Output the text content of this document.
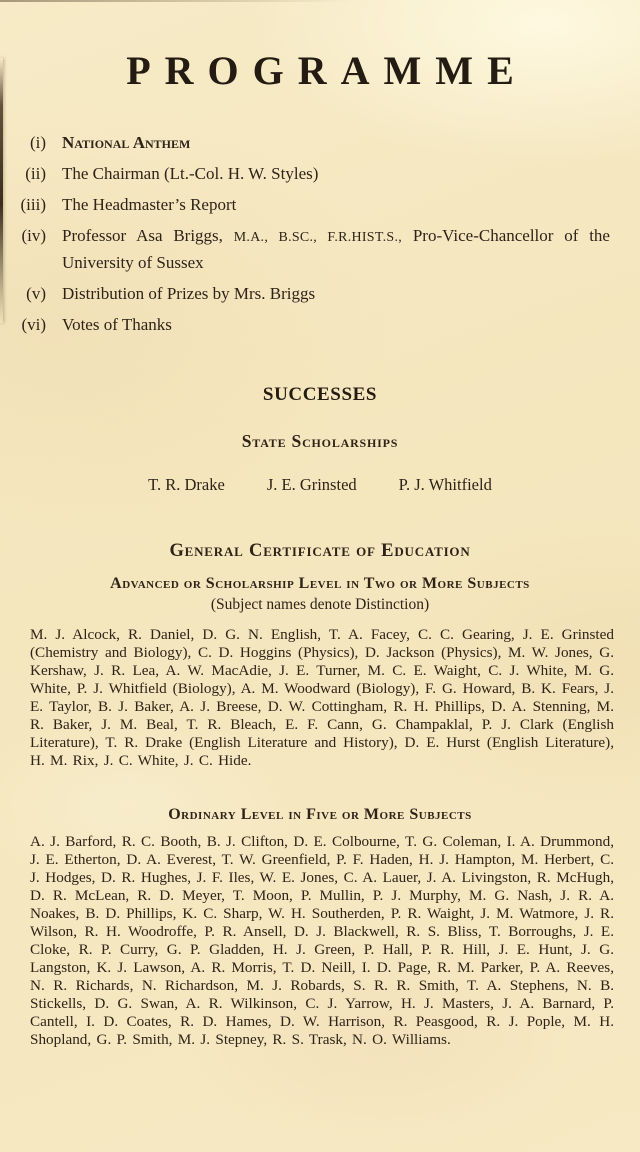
PROGRAMME
(i) National Anthem
(ii) The Chairman (Lt.-Col. H. W. Styles)
(iii) The Headmaster’s Report
(iv) Professor Asa Briggs, M.A., B.SC., F.R.HIST.S., Pro-Vice-Chancellor of the University of Sussex
(v) Distribution of Prizes by Mrs. Briggs
(vi) Votes of Thanks
SUCCESSES
State Scholarships
T. R. Drake	J. E. Grinsted	P. J. Whitfield
General Certificate of Education
Advanced or Scholarship Level in Two or More Subjects
(Subject names denote Distinction)
M. J. Alcock, R. Daniel, D. G. N. English, T. A. Facey, C. C. Gearing, J. E. Grinsted (Chemistry and Biology), C. D. Hoggins (Physics), D. Jackson (Physics), M. W. Jones, G. Kershaw, J. R. Lea, A. W. MacAdie, J. E. Turner, M. C. E. Waight, C. J. White, M. G. White, P. J. Whitfield (Biology), A. M. Woodward (Biology), F. G. Howard, B. K. Fears, J. E. Taylor, B. J. Baker, A. J. Breese, D. W. Cottingham, R. H. Phillips, D. A. Stenning, M. R. Baker, J. M. Beal, T. R. Bleach, E. F. Cann, G. Champaklal, P. J. Clark (English Literature), T. R. Drake (English Literature and History), D. E. Hurst (English Literature), H. M. Rix, J. C. White, J. C. Hide.
Ordinary Level in Five or More Subjects
A. J. Barford, R. C. Booth, B. J. Clifton, D. E. Colbourne, T. G. Coleman, I. A. Drummond, J. E. Etherton, D. A. Everest, T. W. Greenfield, P. F. Haden, H. J. Hampton, M. Herbert, C. J. Hodges, D. R. Hughes, J. F. Iles, W. E. Jones, C. A. Lauer, J. A. Livingston, R. McHugh, D. R. McLean, R. D. Meyer, T. Moon, P. Mullin, P. J. Murphy, M. G. Nash, J. R. A. Noakes, B. D. Phillips, K. C. Sharp, W. H. Southerden, P. R. Waight, J. M. Watmore, J. R. Wilson, R. H. Woodroffe, P. R. Ansell, D. J. Blackwell, R. S. Bliss, T. Borroughs, J. E. Cloke, R. P. Curry, G. P. Gladden, H. J. Green, P. Hall, P. R. Hill, J. E. Hunt, J. G. Langston, K. J. Lawson, A. R. Morris, T. D. Neill, I. D. Page, R. M. Parker, P. A. Reeves, N. R. Richards, N. Richardson, M. J. Robards, S. R. R. Smith, T. A. Stephens, N. B. Stickells, D. G. Swan, A. R. Wilkinson, C. J. Yarrow, H. J. Masters, J. A. Barnard, P. Cantell, I. D. Coates, R. D. Hames, D. W. Harrison, R. Peasgood, R. J. Pople, M. H. Shopland, G. P. Smith, M. J. Stepney, R. S. Trask, N. O. Williams.
